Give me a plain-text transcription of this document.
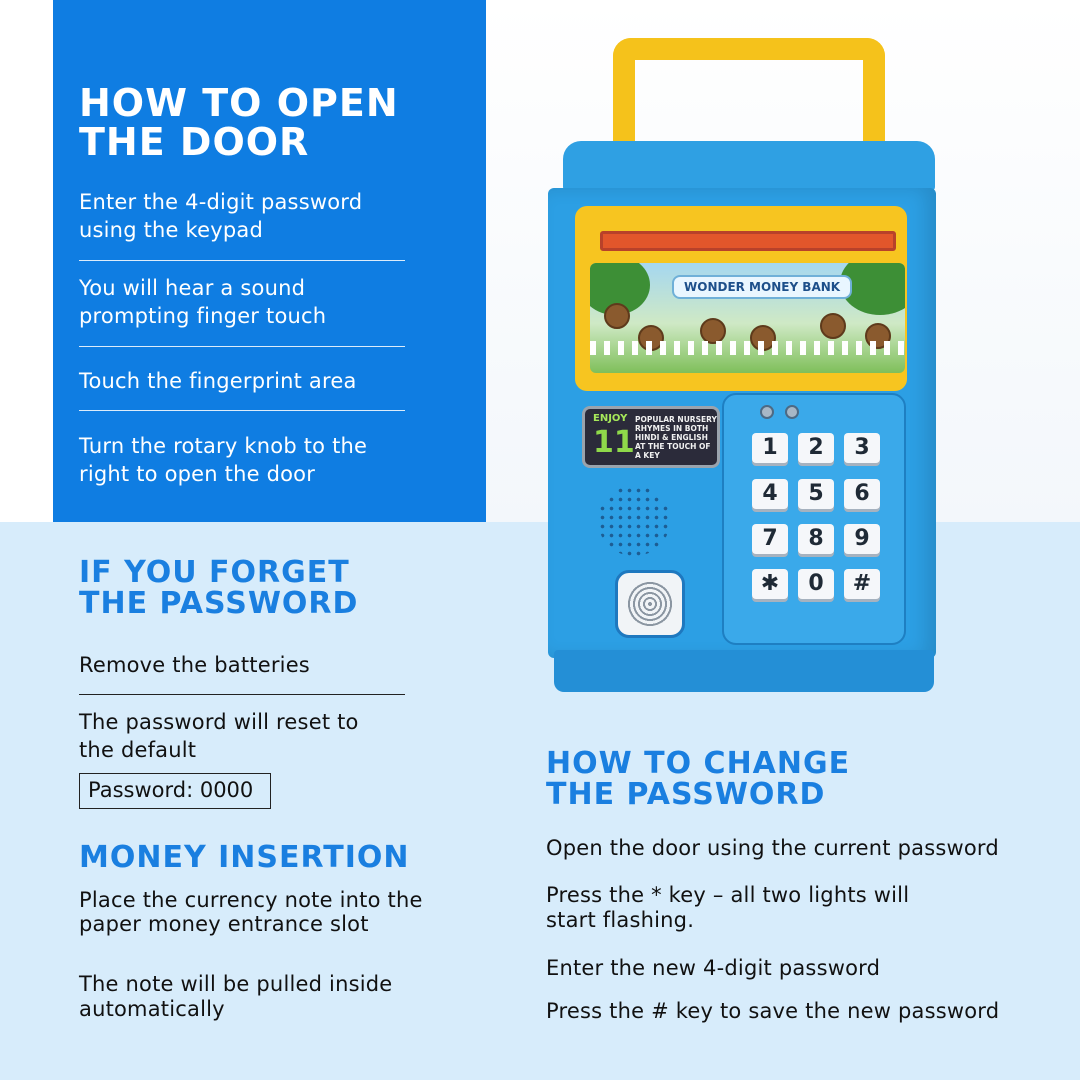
HOW TO OPEN
THE DOOR

Enter the 4-digit password using the keypad

You will hear a sound prompting finger touch

Touch the fingerprint area

Turn the rotary knob to the right to open the door

IF YOU FORGET
THE PASSWORD

Remove the batteries

The password will reset to the default

Password: 0000
MONEY INSERTION

Place the currency note into the paper money entrance slot

The note will be pulled inside automatically

HOW TO CHANGE
THE PASSWORD

Open the door using the current password

Press the * key – all two lights will start flashing.

Enter the new 4-digit password

Press the # key to save the new password

WONDER MONEY BANK
ENJOY
11
POPULAR NURSERY RHYMES IN BOTH HINDI & ENGLISH AT THE TOUCH OF A KEY	1	2	3
4	5	6
7	8	9
✱	0	#
